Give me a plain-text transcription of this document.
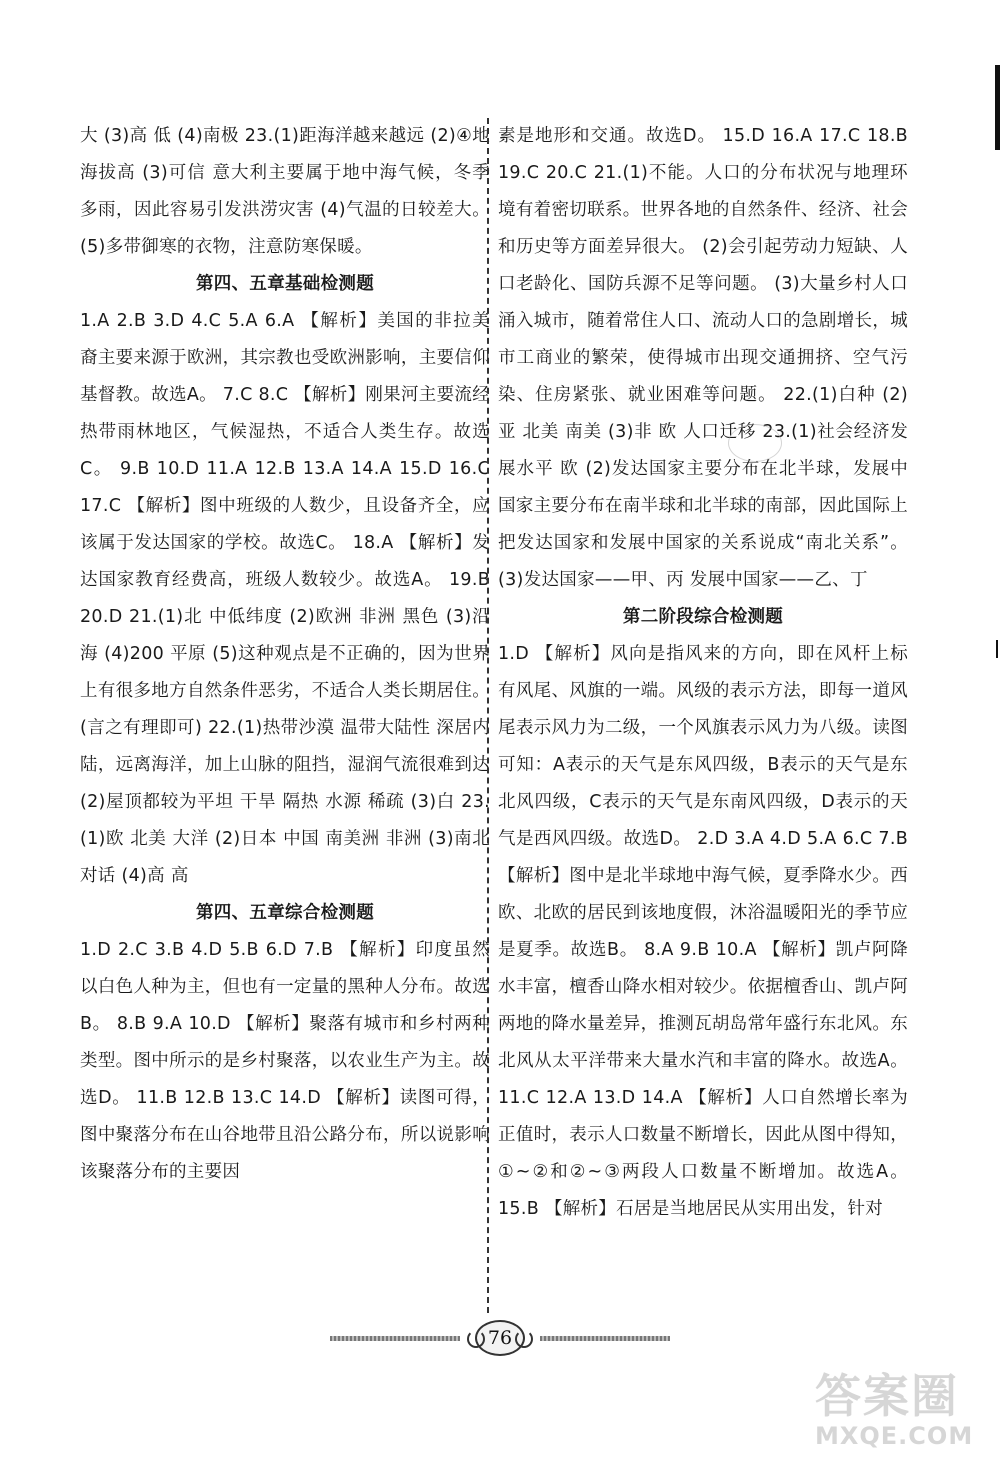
大 (3)高 低 (4)南极 23.(1)距海洋越来越远 (2)④地海拔高 (3)可信 意大利主要属于地中海气候，冬季多雨，因此容易引发洪涝灾害 (4)气温的日较差大。 (5)多带御寒的衣物，注意防寒保暖。

第四、五章基础检测题

1.A 2.B 3.D 4.C 5.A 6.A 【解析】美国的非拉美裔主要来源于欧洲，其宗教也受欧洲影响，主要信仰基督教。故选A。 7.C 8.C 【解析】刚果河主要流经热带雨林地区，气候湿热，不适合人类生存。故选C。 9.B 10.D 11.A 12.B 13.A 14.A 15.D 16.C 17.C 【解析】图中班级的人数少，且设备齐全，应该属于发达国家的学校。故选C。 18.A 【解析】发达国家教育经费高，班级人数较少。故选A。 19.B 20.D 21.(1)北 中低纬度 (2)欧洲 非洲 黑色 (3)沿海 (4)200 平原 (5)这种观点是不正确的，因为世界上有很多地方自然条件恶劣，不适合人类长期居住。(言之有理即可) 22.(1)热带沙漠 温带大陆性 深居内陆，远离海洋，加上山脉的阻挡，湿润气流很难到达 (2)屋顶都较为平坦 干旱 隔热 水源 稀疏 (3)白 23.(1)欧 北美 大洋 (2)日本 中国 南美洲 非洲 (3)南北对话 (4)高 高

第四、五章综合检测题

1.D 2.C 3.B 4.D 5.B 6.D 7.B 【解析】印度虽然以白色人种为主，但也有一定量的黑种人分布。故选B。 8.B 9.A 10.D 【解析】聚落有城市和乡村两种类型。图中所示的是乡村聚落，以农业生产为主。故选D。 11.B 12.B 13.C 14.D 【解析】读图可得，图中聚落分布在山谷地带且沿公路分布，所以说影响该聚落分布的主要因

素是地形和交通。故选D。 15.D 16.A 17.C 18.B 19.C 20.C 21.(1)不能。人口的分布状况与地理环境有着密切联系。世界各地的自然条件、经济、社会和历史等方面差异很大。 (2)会引起劳动力短缺、人口老龄化、国防兵源不足等问题。 (3)大量乡村人口涌入城市，随着常住人口、流动人口的急剧增长，城市工商业的繁荣，使得城市出现交通拥挤、空气污染、住房紧张、就业困难等问题。 22.(1)白种 (2)亚 北美 南美 (3)非 欧 人口迁移 23.(1)社会经济发展水平 欧 (2)发达国家主要分布在北半球，发展中国家主要分布在南半球和北半球的南部，因此国际上把发达国家和发展中国家的关系说成“南北关系”。 (3)发达国家——甲、丙 发展中国家——乙、丁

第二阶段综合检测题

1.D 【解析】风向是指风来的方向，即在风杆上标有风尾、风旗的一端。风级的表示方法，即每一道风尾表示风力为二级，一个风旗表示风力为八级。读图可知：A表示的天气是东风四级，B表示的天气是东北风四级，C表示的天气是东南风四级，D表示的天气是西风四级。故选D。 2.D 3.A 4.D 5.A 6.C 7.B 【解析】图中是北半球地中海气候，夏季降水少。西欧、北欧的居民到该地度假，沐浴温暖阳光的季节应是夏季。故选B。 8.A 9.B 10.A 【解析】凯卢阿降水丰富，檀香山降水相对较少。依据檀香山、凯卢阿两地的降水量差异，推测瓦胡岛常年盛行东北风。东北风从太平洋带来大量水汽和丰富的降水。故选A。 11.C 12.A 13.D 14.A 【解析】人口自然增长率为正值时，表示人口数量不断增长，因此从图中得知，①~②和②~③两段人口数量不断增加。故选A。 15.B 【解析】石居是当地居民从实用出发，针对

76
答案圈
MXQE.COM
